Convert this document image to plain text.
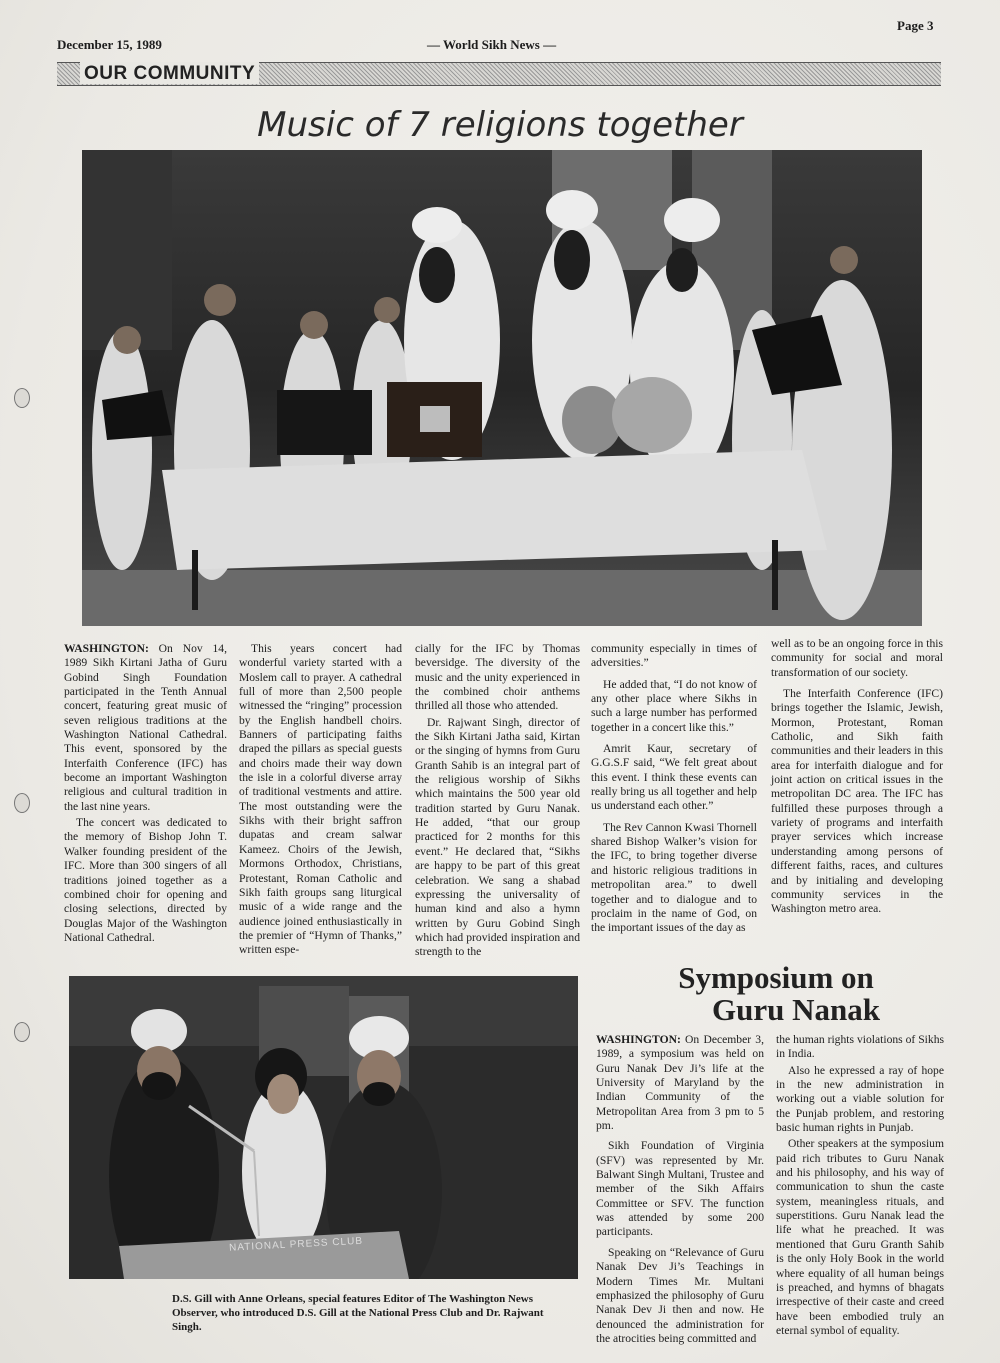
Page 3
December 15, 1989	— World Sikh News —
OUR COMMUNITY
Music of 7 religions together

WASHINGTON: On Nov 14, 1989 Sikh Kirtani Jatha of Guru Gobind Singh Foundation participated in the Tenth Annual concert, featuring great music of seven religious traditions at the Washington National Cathedral. This event, sponsored by the Interfaith Conference (IFC) has become an important Washington religious and cultural tradition in the last nine years.

The concert was dedicated to the memory of Bishop John T. Walker founding president of the IFC. More than 300 singers of all traditions joined together as a combined choir for opening and closing selections, directed by Douglas Major of the Washington National Cathedral.

This years concert had wonderful variety started with a Moslem call to prayer. A cathedral full of more than 2,500 people witnessed the “ringing” procession by the English handbell choirs. Banners of participating faiths draped the pillars as special guests and choirs made their way down the isle in a colorful diverse array of traditional vestments and attire. The most outstanding were the Sikhs with their bright saffron dupatas and cream salwar Kameez. Choirs of the Jewish, Mormons Orthodox, Christians, Protestant, Roman Catholic and Sikh faith groups sang liturgical music of a wide range and the audience joined enthusiastically in the premier of “Hymn of Thanks,” written espe-

cially for the IFC by Thomas beversidge. The diversity of the music and the unity experienced in the combined choir anthems thrilled all those who attended.

Dr. Rajwant Singh, director of the Sikh Kirtani Jatha said, Kirtan or the singing of hymns from Guru Granth Sahib is an integral part of the religious worship of Sikhs which maintains the 500 year old tradition started by Guru Nanak. He added, “that our group practiced for 2 months for this event.” He declared that, “Sikhs are happy to be part of this great celebration. We sang a shabad expressing the universality of human kind and also a hymn written by Guru Gobind Singh which had provided inspiration and strength to the

community especially in times of adversities.”

He added that, “I do not know of any other place where Sikhs in such a large number has performed together in a concert like this.”

Amrit Kaur, secretary of G.G.S.F said, “We felt great about this event. I think these events can really bring us all together and help us understand each other.”

The Rev Cannon Kwasi Thornell shared Bishop Walker’s vision for the IFC, to bring together diverse and historic religious traditions in metropolitan area.” to dwell together and to dialogue and to proclaim in the name of God, on the important issues of the day as

well as to be an ongoing force in this community for social and moral transformation of our society.

The Interfaith Conference (IFC) brings together the Islamic, Jewish, Mormon, Protestant, Roman Catholic, and Sikh faith communities and their leaders in this area for interfaith dialogue and for joint action on critical issues in the metropolitan DC area. The IFC has fulfilled these purposes through a variety of programs and interfaith prayer services which increase understanding among persons of different faiths, races, and cultures and by initialing and developing community services in the Washington metro area.

NATIONAL PRESS CLUB
D.S. Gill with Anne Orleans, special features Editor of The Washington News Observer, who introduced D.S. Gill at the National Press Club and Dr. Rajwant Singh.
Symposium on
Guru Nanak

WASHINGTON: On December 3, 1989, a symposium was held on Guru Nanak Dev Ji’s life at the University of Maryland by the Indian Community of the Metropolitan Area from 3 pm to 5 pm.

Sikh Foundation of Virginia (SFV) was represented by Mr. Balwant Singh Multani, Trustee and member of the Sikh Affairs Committee or SFV. The function was attended by some 200 participants.

Speaking on “Relevance of Guru Nanak Dev Ji’s Teachings in Modern Times Mr. Multani emphasized the philosophy of Guru Nanak Dev Ji then and now. He denounced the administration for the atrocities being committed and

the human rights violations of Sikhs in India.

Also he expressed a ray of hope in the new administration in working out a viable solution for the Punjab problem, and restoring basic human rights in Punjab.

Other speakers at the symposium paid rich tributes to Guru Nanak and his philosophy, and his way of communication to shun the caste system, meaningless rituals, and superstitions. Guru Nanak lead the life what he preached. It was mentioned that Guru Granth Sahib is the only Holy Book in the world where equality of all human beings is preached, and hymns of bhagats irrespective of their caste and creed have been embodied truly an eternal symbol of equality.
